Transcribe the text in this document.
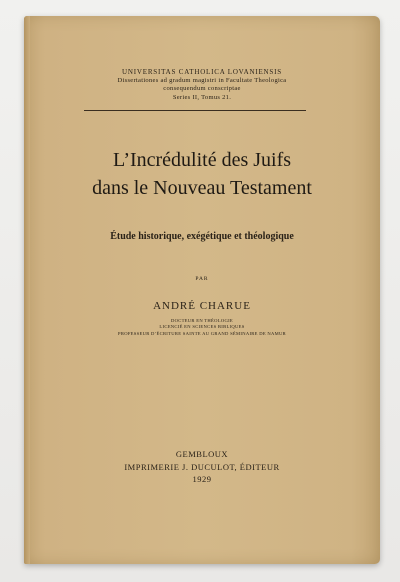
UNIVERSITAS CATHOLICA LOVANIENSIS
Dissertationes ad gradum magistri in Facultate Theologica
consequendum conscriptae
Series II, Tomus 21.
L’Incrédulité des Juifs
dans le Nouveau Testament
Étude historique, exégétique et théologique
PAR
ANDRÉ CHARUE
DOCTEUR EN THÉOLOGIE
LICENCIÉ EN SCIENCES BIBLIQUES
PROFESSEUR D’ÉCRITURE SAINTE AU GRAND SÉMINAIRE DE NAMUR
GEMBLOUX
IMPRIMERIE J. DUCULOT, ÉDITEUR
1929
